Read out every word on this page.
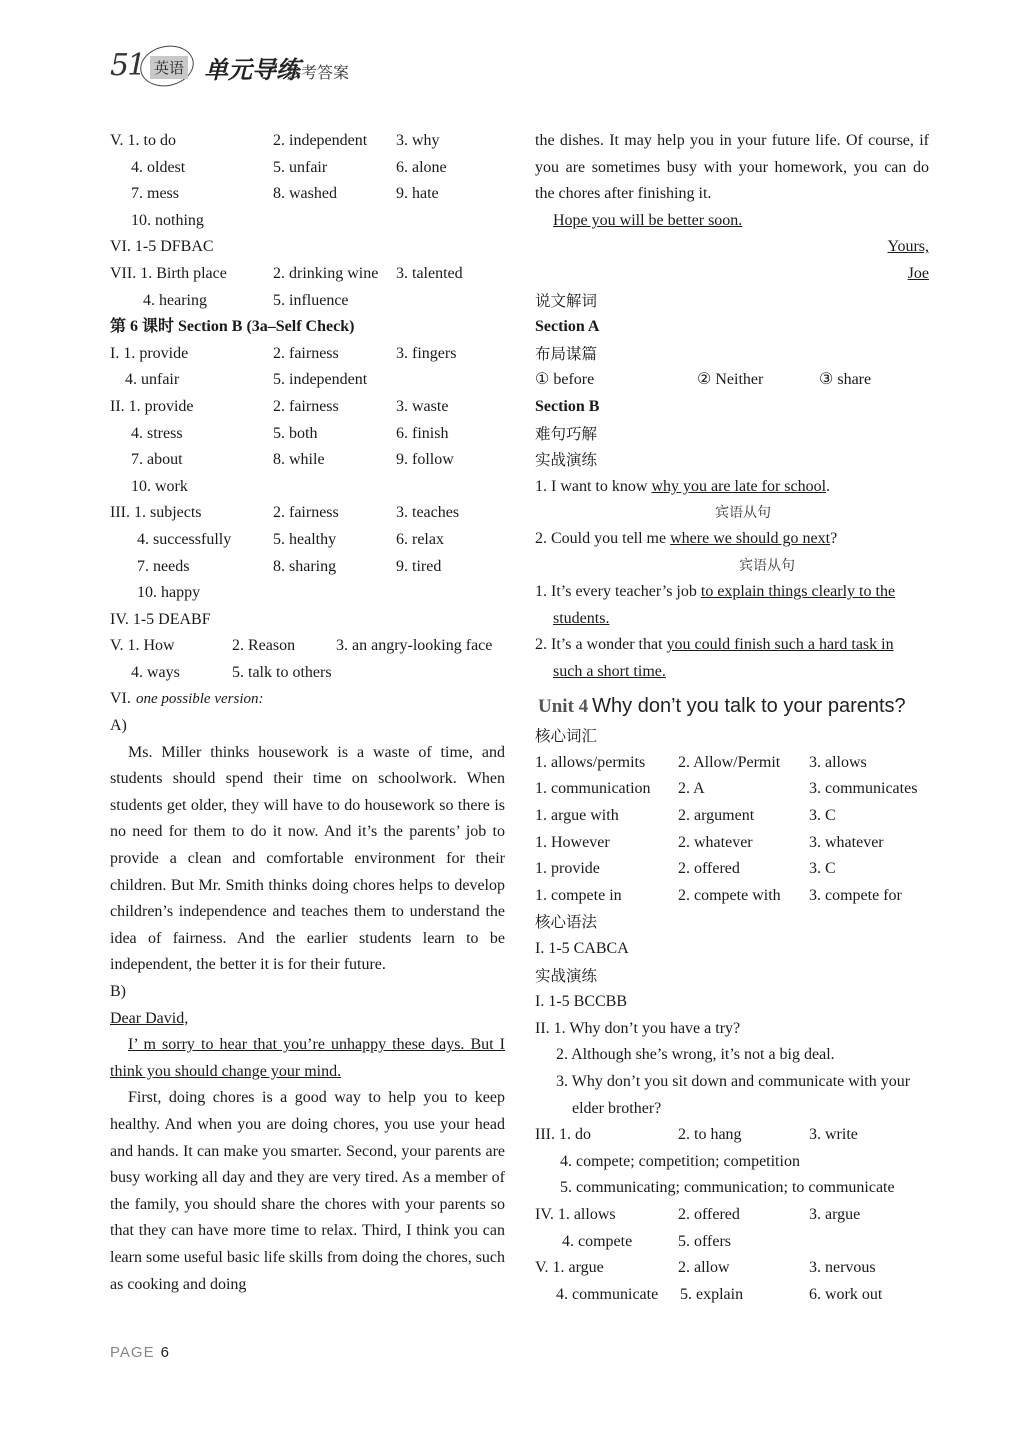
51 英语 单元导练
参考答案
V. 1. to do	2. independent 3. why
4. oldest	5. unfair	6. alone
7. mess	8. washed	9. hate
10. nothing
VI. 1-5 DFBAC
VII. 1. Birth place	2. drinking wine 3. talented
4. hearing	5. influence
第 6 课时 Section B (3a–Self Check)
I. 1. provide	2. fairness	3. fingers
4. unfair	5. independent
II. 1. provide	2. fairness	3. waste
4. stress	5. both	6. finish
7. about	8. while	9. follow
10. work
III. 1. subjects	2. fairness	3. teaches
4. successfully	5. healthy	6. relax
7. needs	8. sharing	9. tired
10. happy
IV. 1-5 DEABF
V. 1. How	2. Reason	3. an angry-looking face
4. ways	5. talk to others
VI. one possible version:
A)

Ms. Miller thinks housework is a waste of time, and students should spend their time on schoolwork. When students get older, they will have to do housework so there is no need for them to do it now. And it’s the parents’ job to provide a clean and comfortable environment for their children. But Mr. Smith thinks doing chores helps to develop children’s independence and teaches them to understand the idea of fairness. And the earlier students learn to be independent, the better it is for their future.

B)
Dear David,

I’ m sorry to hear that you’re unhappy these days. But I think you should change your mind.

First, doing chores is a good way to help you to keep healthy. And when you are doing chores, you use your head and hands. It can make you smarter. Second, your parents are busy working all day and they are very tired. As a member of the family, you should share the chores with your parents so that they can have more time to relax. Third, I think you can learn some useful basic life skills from doing the chores, such as cooking and doing

the dishes. It may help you in your future life. Of course, if you are sometimes busy with your homework, you can do the chores after finishing it.

Hope you will be better soon.
Yours,
Joe
说文解词
Section A
布局谋篇
① before	② Neither	③ share
Section B
难句巧解
实战演练
1. I want to know why you are late for school.
宾语从句
2. Could you tell me where we should go next?
宾语从句
1. It’s every teacher’s job to explain things clearly to the
students.
2. It’s a wonder that you could finish such a hard task in
such a short time.
Unit 4 Why don’t you talk to your parents?
核心词汇
1. allows/permits 2. Allow/Permit 3. allows
1. communication 2. A	3. communicates
1. argue with	2. argument	3. C
1. However	2. whatever	3. whatever
1. provide	2. offered	3. C
1. compete in	2. compete with 3. compete for
核心语法
I. 1-5 CABCA
实战演练
I. 1-5 BCCBB
II. 1. Why don’t you have a try?
2. Although she’s wrong, it’s not a big deal.
3. Why don’t you sit down and communicate with your
elder brother?
III. 1. do	2. to hang	3. write
4. compete; competition; competition
5. communicating; communication; to communicate
IV. 1. allows	2. offered	3. argue
4. compete	5. offers
V. 1. argue	2. allow	3. nervous
4. communicate 5. explain	6. work out
PAGE 6
